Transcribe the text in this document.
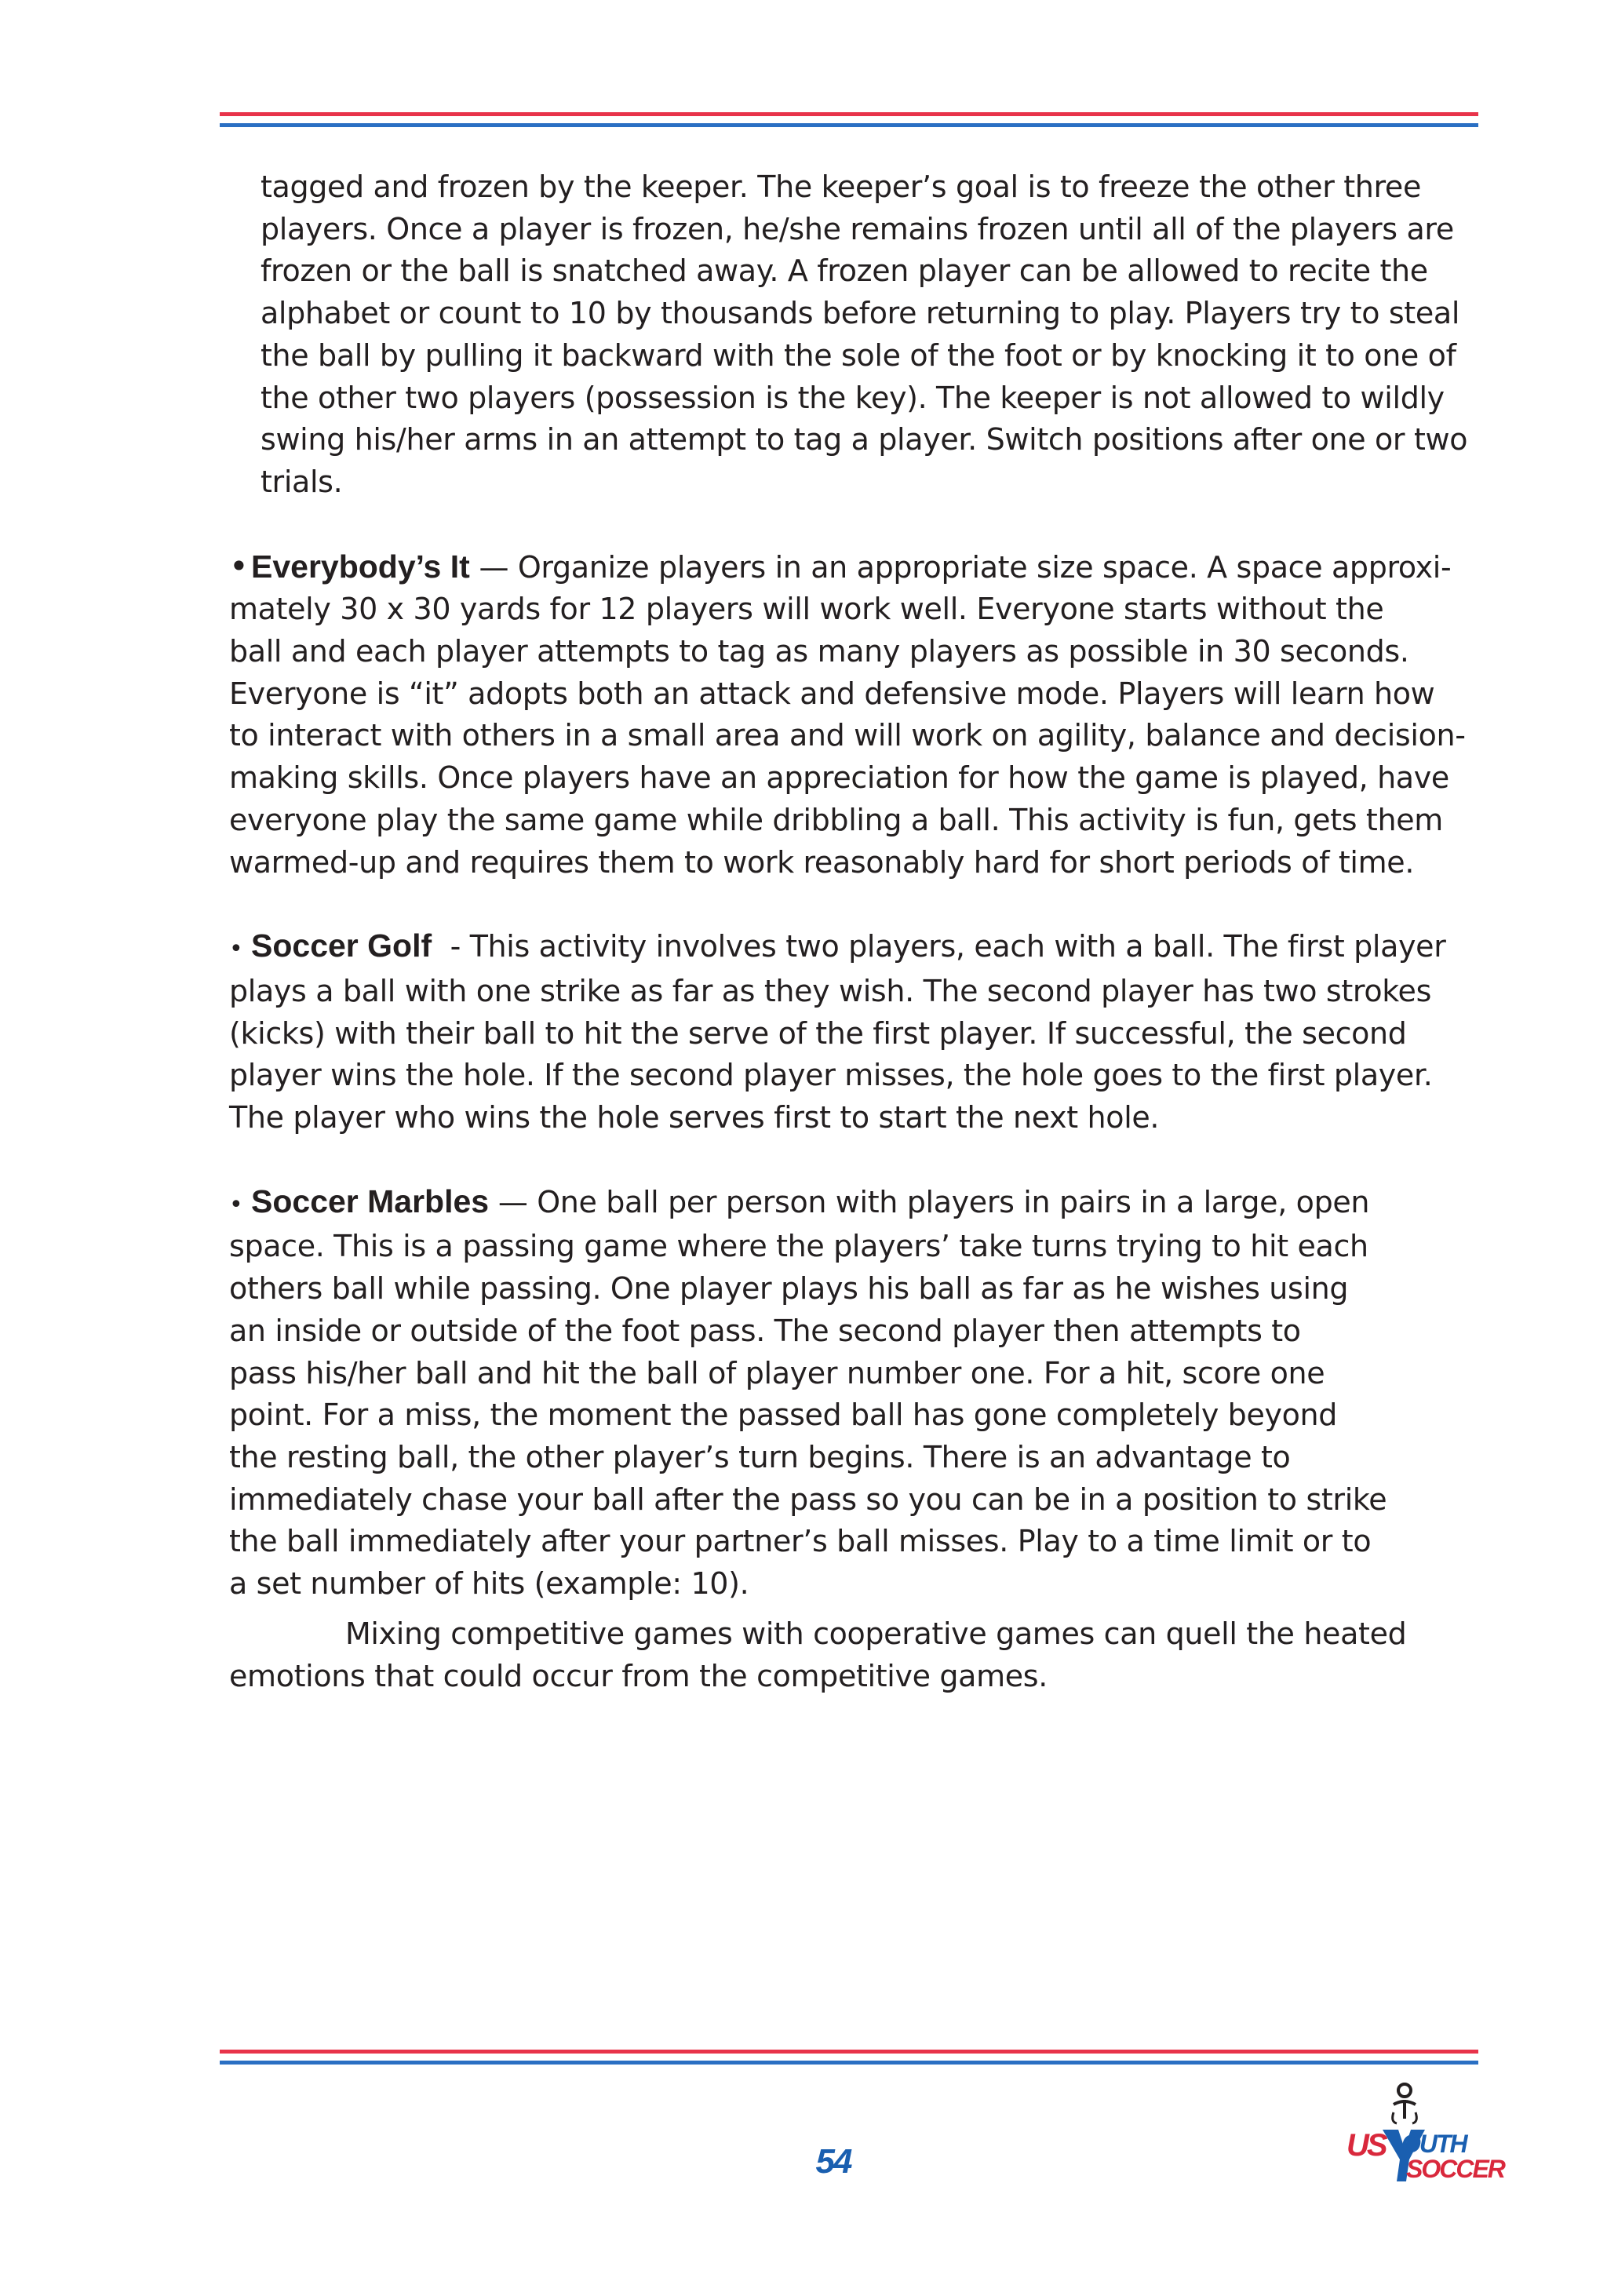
tagged and frozen by the keeper. The keeper’s goal is to freeze the other three
players. Once a player is frozen, he/she remains frozen until all of the players are
frozen or the ball is snatched away. A frozen player can be allowed to recite the
alphabet or count to 10 by thousands before returning to play. Players try to steal
the ball by pulling it backward with the sole of the foot or by knocking it to one of
the other two players (possession is the key). The keeper is not allowed to wildly
swing his/her arms in an attempt to tag a player. Switch positions after one or two
trials.
•Everybody’s It — Organize players in an appropriate size space. A space approxi-
mately 30 x 30 yards for 12 players will work well. Everyone starts without the
ball and each player attempts to tag as many players as possible in 30 seconds.
Everyone is “it” adopts both an attack and defensive mode. Players will learn how
to interact with others in a small area and will work on agility, balance and decision-
making skills. Once players have an appreciation for how the game is played, have
everyone play the same game while dribbling a ball. This activity is fun, gets them
warmed-up and requires them to work reasonably hard for short periods of time.
• Soccer Golf  - This activity involves two players, each with a ball. The first player
plays a ball with one strike as far as they wish. The second player has two strokes
(kicks) with their ball to hit the serve of the first player. If successful, the second
player wins the hole. If the second player misses, the hole goes to the first player.
The player who wins the hole serves first to start the next hole.
• Soccer Marbles — One ball per person with players in pairs in a large, open
space. This is a passing game where the players’ take turns trying to hit each
others ball while passing. One player plays his ball as far as he wishes using
an inside or outside of the foot pass. The second player then attempts to
pass his/her ball and hit the ball of player number one. For a hit, score one
point. For a miss, the moment the passed ball has gone completely beyond
the resting ball, the other player’s turn begins. There is an advantage to
immediately chase your ball after the pass so you can be in a position to strike
the ball immediately after your partner’s ball misses. Play to a time limit or to
a set number of hits (example: 10).
Mixing competitive games with cooperative games can quell the heated
emotions that could occur from the competitive games.
54	US OUTH
SOCCER
